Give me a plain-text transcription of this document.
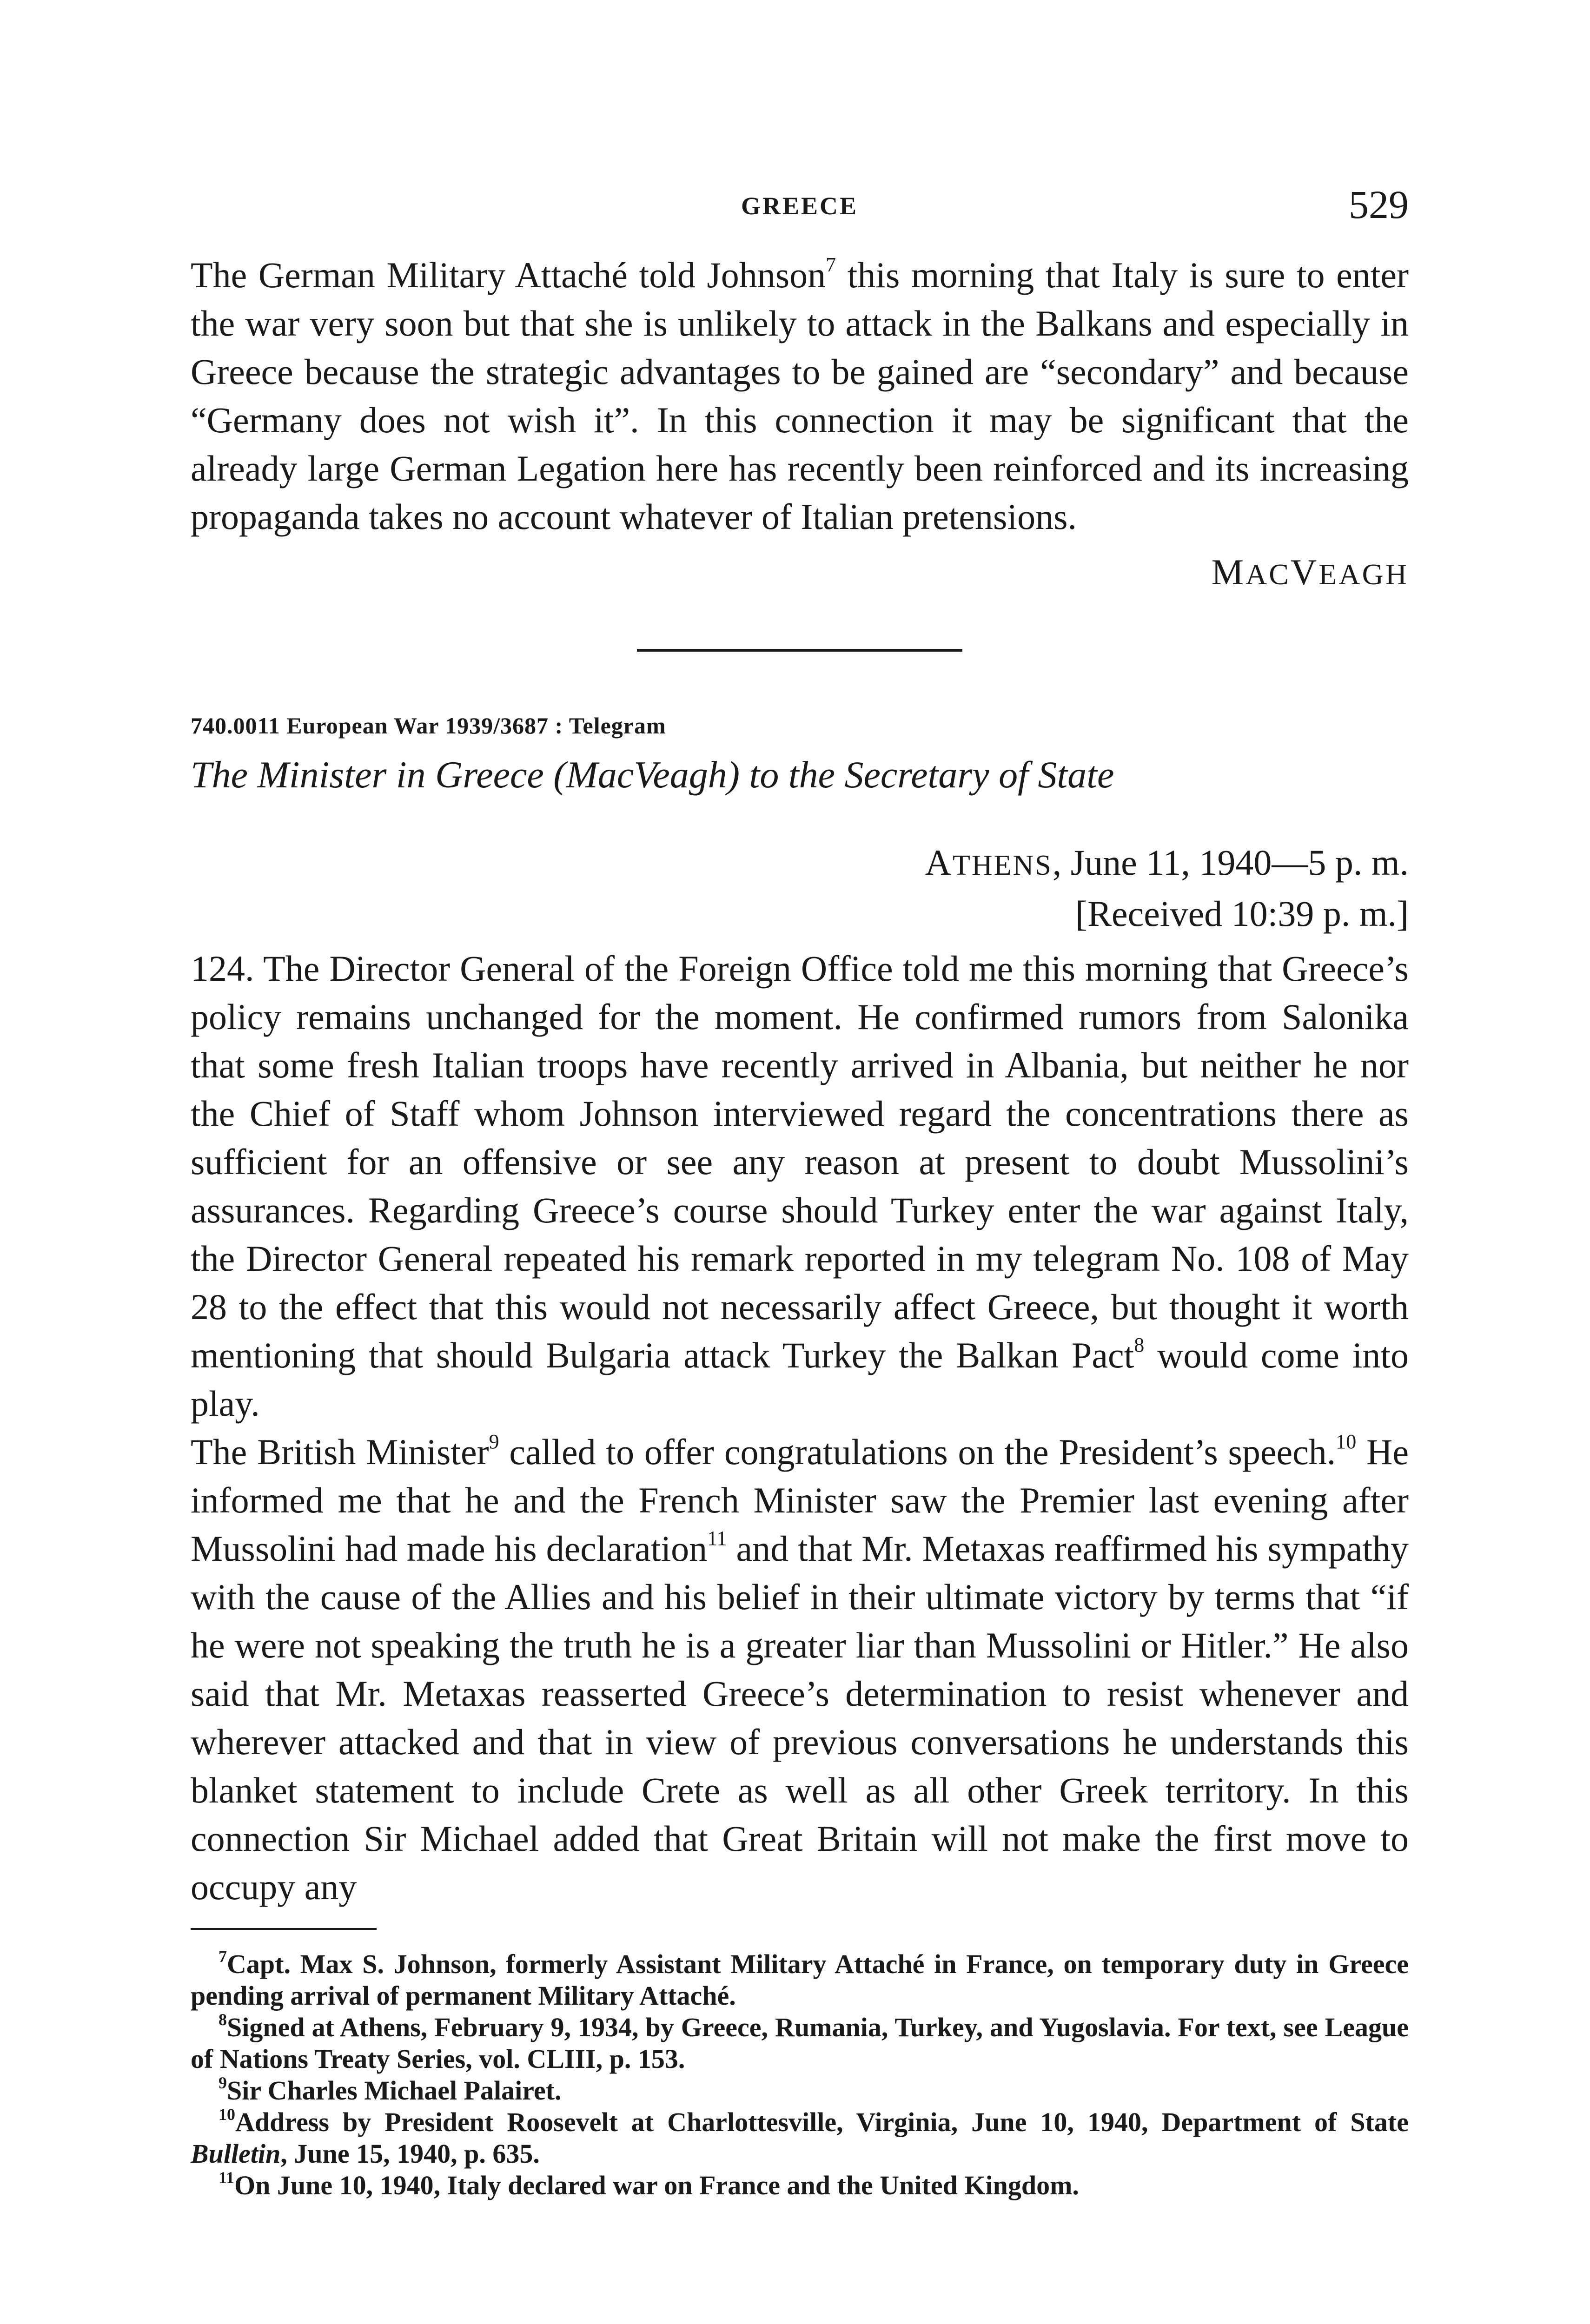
GREECE	529

The German Military Attaché told Johnson$^7$ this morning that Italy is sure to enter the war very soon but that she is unlikely to attack in the Balkans and especially in Greece because the strategic advantages to be gained are “secondary” and because “Germany does not wish it”. In this connection it may be significant that the already large German Legation here has recently been reinforced and its increasing propaganda takes no account whatever of Italian pretensions.

MACVEAGH

740.0011 European War 1939/3687 : Telegram

The Minister in Greece (MacVeagh) to the Secretary of State

ATHENS, June 11, 1940—5 p. m.
[Received 10:39 p. m.]

124. The Director General of the Foreign Office told me this morning that Greece’s policy remains unchanged for the moment. He confirmed rumors from Salonika that some fresh Italian troops have recently arrived in Albania, but neither he nor the Chief of Staff whom Johnson interviewed regard the concentrations there as sufficient for an offensive or see any reason at present to doubt Mussolini’s assurances. Regarding Greece’s course should Turkey enter the war against Italy, the Director General repeated his remark reported in my telegram No. 108 of May 28 to the effect that this would not necessarily affect Greece, but thought it worth mentioning that should Bulgaria attack Turkey the Balkan Pact$^8$ would come into play.

The British Minister$^9$ called to offer congratulations on the President’s speech.$^{10}$ He informed me that he and the French Minister saw the Premier last evening after Mussolini had made his declaration$^{11}$ and that Mr. Metaxas reaffirmed his sympathy with the cause of the Allies and his belief in their ultimate victory by terms that “if he were not speaking the truth he is a greater liar than Mussolini or Hitler.” He also said that Mr. Metaxas reasserted Greece’s determination to resist whenever and wherever attacked and that in view of previous conversations he understands this blanket statement to include Crete as well as all other Greek territory. In this connection Sir Michael added that Great Britain will not make the first move to occupy any

$^7$Capt. Max S. Johnson, formerly Assistant Military Attaché in France, on temporary duty in Greece pending arrival of permanent Military Attaché.

$^8$Signed at Athens, February 9, 1934, by Greece, Rumania, Turkey, and Yugoslavia. For text, see League of Nations Treaty Series, vol. CLIII, p. 153.

$^9$Sir Charles Michael Palairet.

$^{10}$Address by President Roosevelt at Charlottesville, Virginia, June 10, 1940, Department of State Bulletin, June 15, 1940, p. 635.

$^{11}$On June 10, 1940, Italy declared war on France and the United Kingdom.
